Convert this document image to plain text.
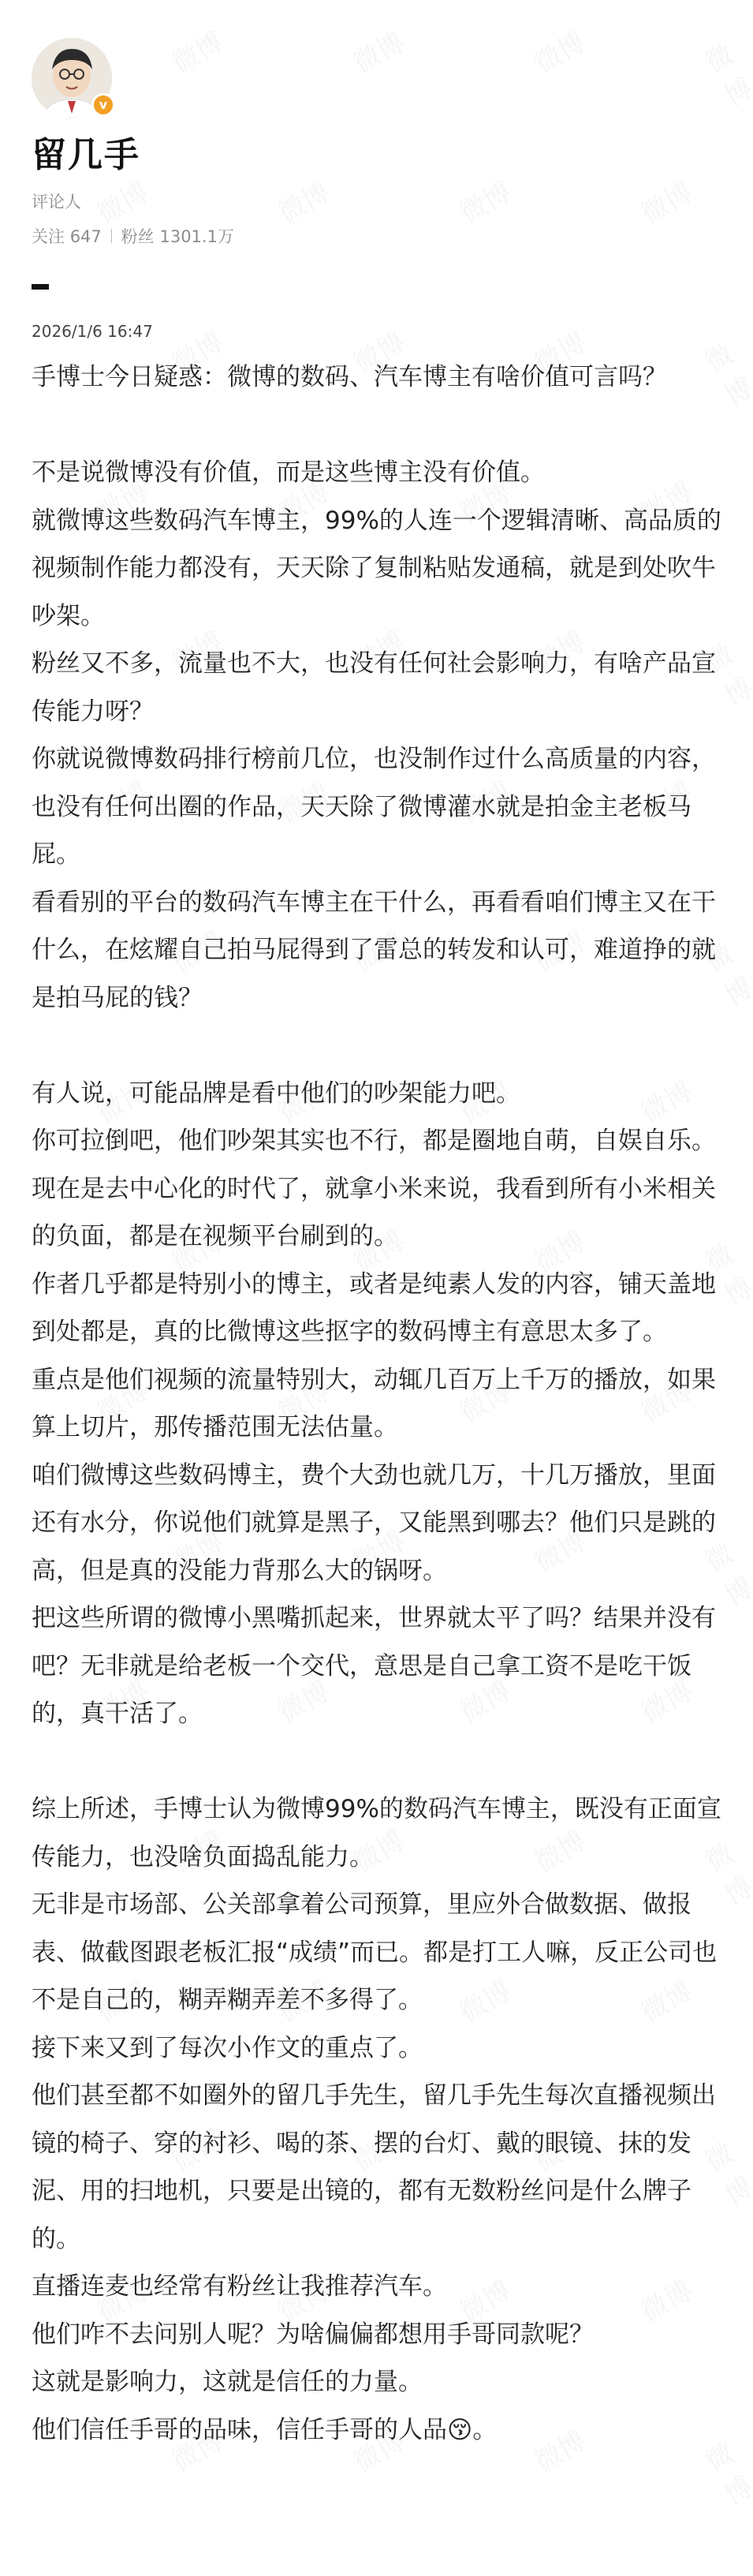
v
留几手
评论人
关注 647 粉丝 1301.1万
2026/1/6 16:47

手博士今日疑惑：微博的数码、汽车博主有啥价值可言吗？

不是说微博没有价值，而是这些博主没有价值。

就微博这些数码汽车博主，99%的人连一个逻辑清晰、高品质的视频制作能力都没有，天天除了复制粘贴发通稿，就是到处吹牛吵架。

粉丝又不多，流量也不大，也没有任何社会影响力，有啥产品宣传能力呀？

你就说微博数码排行榜前几位，也没制作过什么高质量的内容，也没有任何出圈的作品，天天除了微博灌水就是拍金主老板马屁。

看看别的平台的数码汽车博主在干什么，再看看咱们博主又在干什么，在炫耀自己拍马屁得到了雷总的转发和认可，难道挣的就是拍马屁的钱？

有人说，可能品牌是看中他们的吵架能力吧。

你可拉倒吧，他们吵架其实也不行，都是圈地自萌，自娱自乐。

现在是去中心化的时代了，就拿小米来说，我看到所有小米相关的负面，都是在视频平台刷到的。

作者几乎都是特别小的博主，或者是纯素人发的内容，铺天盖地到处都是，真的比微博这些抠字的数码博主有意思太多了。

重点是他们视频的流量特别大，动辄几百万上千万的播放，如果算上切片，那传播范围无法估量。

咱们微博这些数码博主，费个大劲也就几万，十几万播放，里面还有水分，你说他们就算是黑子，又能黑到哪去？他们只是跳的高，但是真的没能力背那么大的锅呀。

把这些所谓的微博小黑嘴抓起来，世界就太平了吗？结果并没有吧？无非就是给老板一个交代，意思是自己拿工资不是吃干饭的，真干活了。

综上所述，手博士认为微博99%的数码汽车博主，既没有正面宣传能力，也没啥负面捣乱能力。

无非是市场部、公关部拿着公司预算，里应外合做数据、做报表、做截图跟老板汇报“成绩”而已。都是打工人嘛，反正公司也不是自己的，糊弄糊弄差不多得了。

接下来又到了每次小作文的重点了。

他们甚至都不如圈外的留几手先生，留几手先生每次直播视频出镜的椅子、穿的衬衫、喝的茶、摆的台灯、戴的眼镜、抹的发泥、用的扫地机，只要是出镜的，都有无数粉丝问是什么牌子的。

直播连麦也经常有粉丝让我推荐汽车。

他们咋不去问别人呢？为啥偏偏都想用手哥同款呢？

这就是影响力，这就是信任的力量。

他们信任手哥的品味，信任手哥的人品😚。
